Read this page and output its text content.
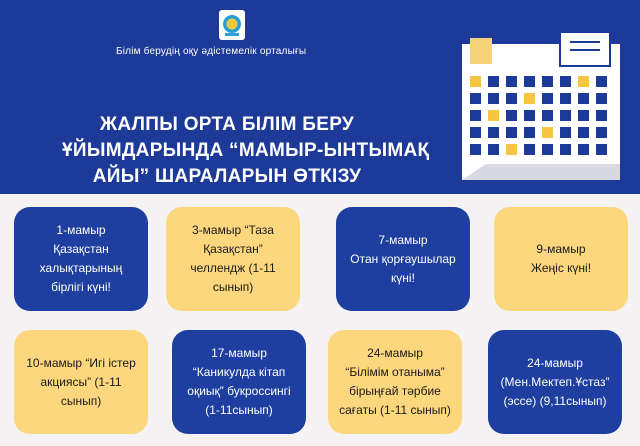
Білім берудің оқу әдістемелік орталығы
ЖАЛПЫ ОРТА БІЛІМ БЕРУ
ҰЙЫМДАРЫНДА “МАМЫР-ЫНТЫМАҚ
АЙЫ” ШАРАЛАРЫН ӨТКІЗУ
1-мамыр
Қазақстан
халықтарының
бірлігі күні!
3-мамыр “Таза
Қазақстан”
челлендж (1-11
сынып)
7-мамыр
Отан қорғаушылар
күні!
9-мамыр
Жеңіс күні!
10-мамыр “Игі істер
акциясы” (1-11
сынып)
17-мамыр
“Каникулда кітап
оқиық” букроссингі
(1-11сынып)
24-мамыр
“Білімім отаныма”
бірыңғай тәрбие
сағаты (1-11 сынып)
24-мамыр
(Мен.Мектеп.Ұстаз”
(эссе) (9,11сынып)
